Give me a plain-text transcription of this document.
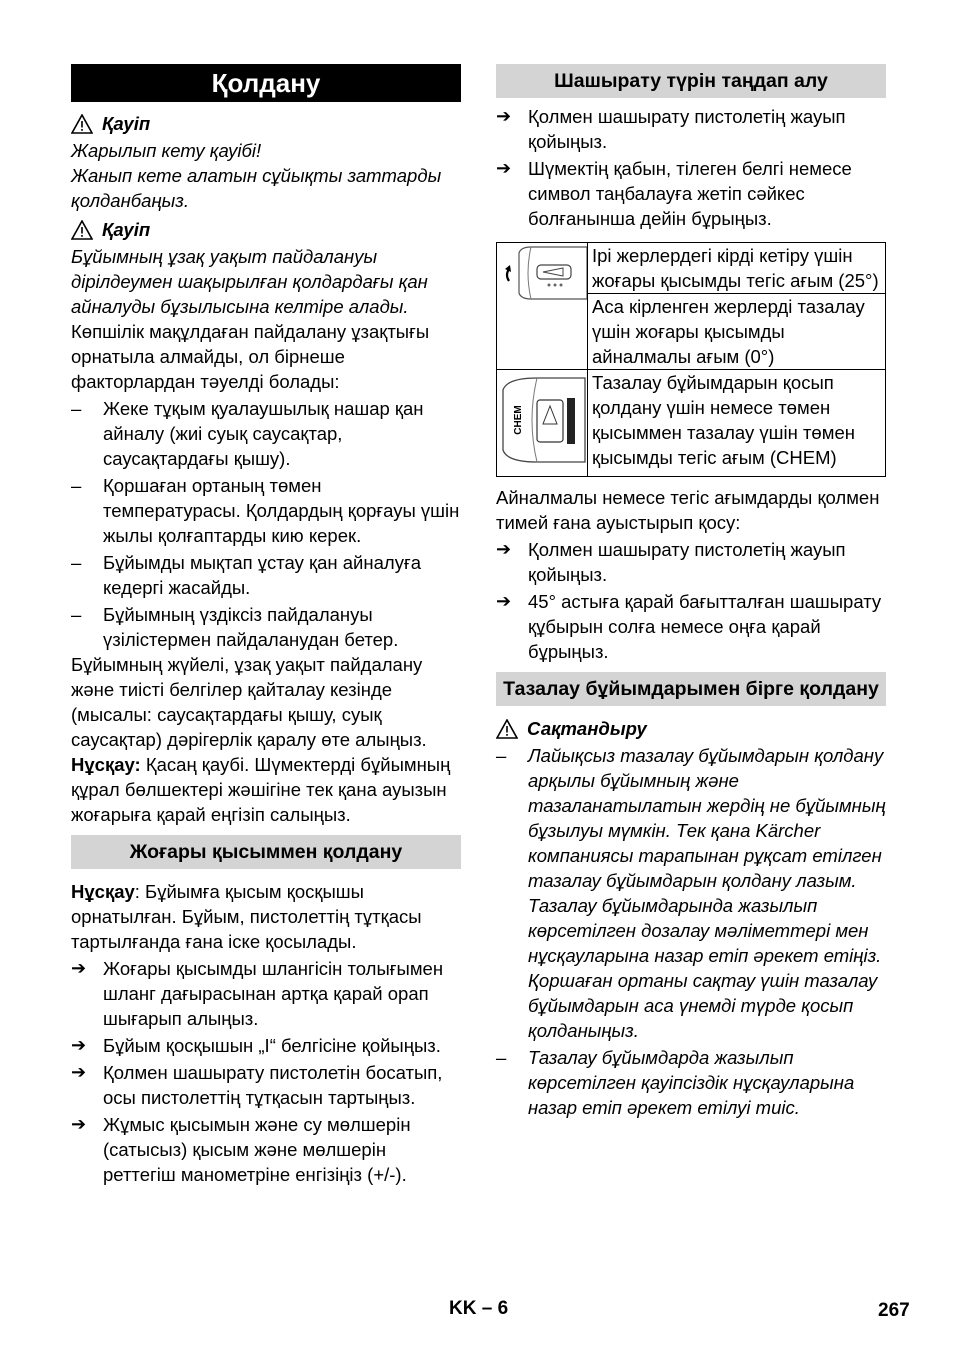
Қолдану
Қауіп

Жарылып кету қауібі!

Жанып кете алатын сұйықты заттарды қолданбаңыз.

Қауіп

Бұйымның ұзақ уақыт пайдалануы дірілдеумен шақырылған қолдардағы қан айналуды бұзылысына келтіре алады.

Көпшілік мақұлдаған пайдалану ұзақтығы орнатыла алмайды, ол бірнеше факторлардан тәуелді болады:

–	Жеке тұқым қуалаушылық нашар қан айналу (жиі суық саусақтар, саусақтардағы қышу).
–	Қоршаған ортаның төмен температурасы. Қолдардың қорғауы үшін жылы қолғаптарды кию керек.
–	Бұйымды мықтап ұстау қан айналуға кедергі жасайды.
–	Бұйымның үздіксіз пайдалануы үзілістермен пайдаланудан бетер.

Бұйымның жүйелі, ұзақ уақыт пайдалану және тиісті белгілер қайталау кезінде (мысалы: саусақтардағы қышу, суық саусақтар) дәрігерлік қаралу өте алыңыз.

Нұсқау: Қасаң қаубі. Шүмектерді бұйымның құрал бөлшектері жәшігіне тек қана ауызын жоғарыға қарай еңгізіп салыңыз.

Жоғары қысыммен қолдану

Нұсқау: Бұйымға қысым қосқышы орнатылған. Бұйым, пистолеттің тұтқасы тартылғанда ғана іске қосылады.

➔ Жоғары қысымды шлангісін толығымен шланг дағырасынан артқа қарай орап шығарып алыңыз.
➔ Бұйым қосқышын „I“ белгісіне қойыңыз.
➔ Қолмен шашырату пистолетін босатып, осы пистолеттің тұтқасын тартыңыз.
➔ Жұмыс қысымын және су мөлшерін (сатысыз) қысым және мөлшерін реттегіш манометріне енгізіңіз (+/-).
Шашырату түрін таңдап алу
➔ Қолмен шашырату пистолетің жауып қойыңыз.
➔ Шүмектің қабын, тілеген белгі немесе символ таңбалауға жетіп сәйкес болғанынша дейін бұрыңыз.
	Ірі жерлердегі кірді кетіру үшін жоғары қысымды тегіс ағым (25°)
	Аса кірленген жерлерді тазалау үшін жоғары қысымды айналмалы ағым (0°)

CHEM	Тазалау бұйымдарын қосып қолдану үшін немесе төмен қысыммен тазалау үшін төмен қысымды тегіс ағым (CHEM)

Айналмалы немесе тегіс ағымдарды қолмен тимей ғана ауыстырып қосу:

➔ Қолмен шашырату пистолетің жауып қойыңыз.
➔ 45° астыға қарай бағытталған шашырату құбырын солға немесе оңға қарай бұрыңыз.
Тазалау бұйымдарымен бірге қолдану
Сақтандыру
–	Лайықсыз тазалау бұйымдарын қолдану арқылы бұйымның және тазаланатылатын жердің не бұйымның бұзылуы мүмкін. Тек қана Kärcher компаниясы тарапынан рұқсат етілген тазалау бұйымдарын қолдану лазым. Тазалау бұйымдарында жазылып көрсетілген дозалау мәліметтері мен нұсқауларына назар етіп әрекет етіңіз. Қоршаған ортаны сақтау үшін тазалау бұйымдарын аса үнемді түрде қосып қолданыңыз.
–	Тазалау бұйымдарда жазылып көрсетілген қауіпсіздік нұсқауларына назар етіп әрекет етілуі тиіс.
KK – 6	267
